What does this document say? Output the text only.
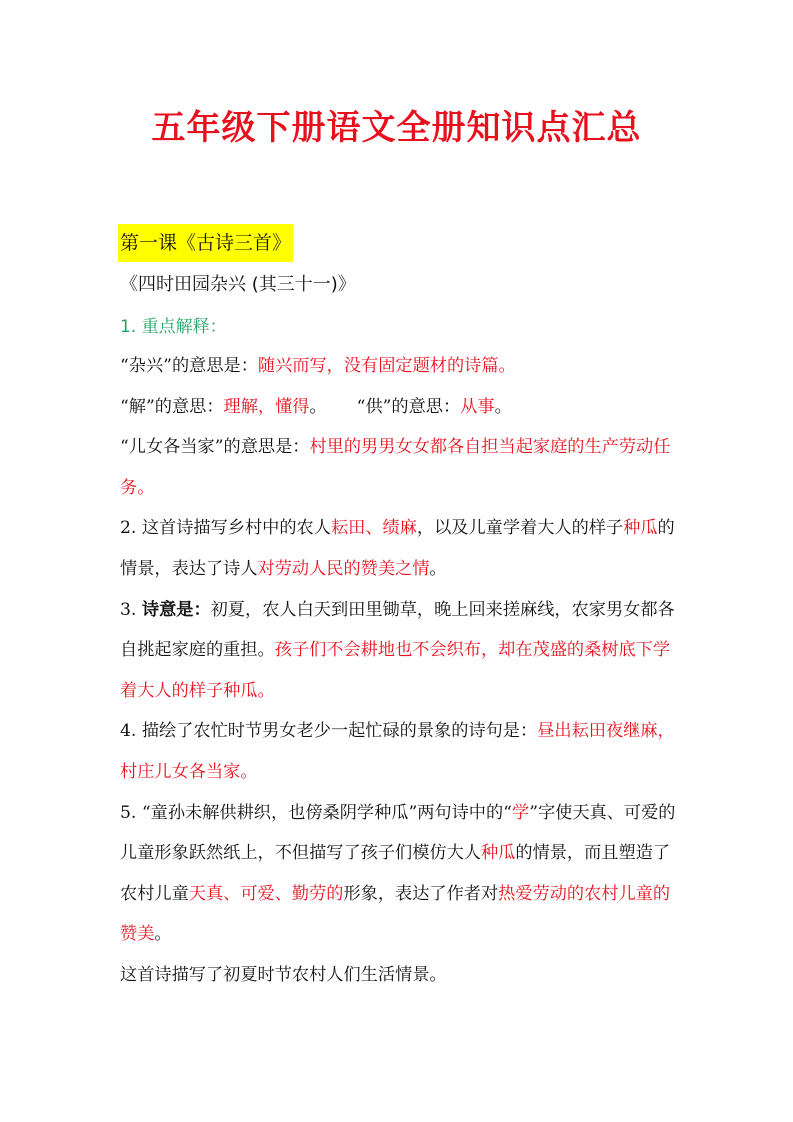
五年级下册语文全册知识点汇总
第一课《古诗三首》
《四时田园杂兴 (其三十一)》
1. 重点解释：

“杂兴”的意思是：随兴而写，没有固定题材的诗篇。

“解”的意思：理解，懂得。 “供”的意思：从事。

“儿女各当家”的意思是：村里的男男女女都各自担当起家庭的生产劳动任务。

2. 这首诗描写乡村中的农人耘田、绩麻，以及儿童学着大人的样子种瓜的情景，表达了诗人对劳动人民的赞美之情。

3. 诗意是：初夏，农人白天到田里锄草，晚上回来搓麻线，农家男女都各自挑起家庭的重担。孩子们不会耕地也不会织布，却在茂盛的桑树底下学着大人的样子种瓜。

4. 描绘了农忙时节男女老少一起忙碌的景象的诗句是：昼出耘田夜继麻，村庄儿女各当家。

5. “童孙未解供耕织，也傍桑阴学种瓜”两句诗中的“学”字使天真、可爱的儿童形象跃然纸上，不但描写了孩子们模仿大人种瓜的情景，而且塑造了农村儿童天真、可爱、勤劳的形象，表达了作者对热爱劳动的农村儿童的赞美。

这首诗描写了初夏时节农村人们生活情景。
